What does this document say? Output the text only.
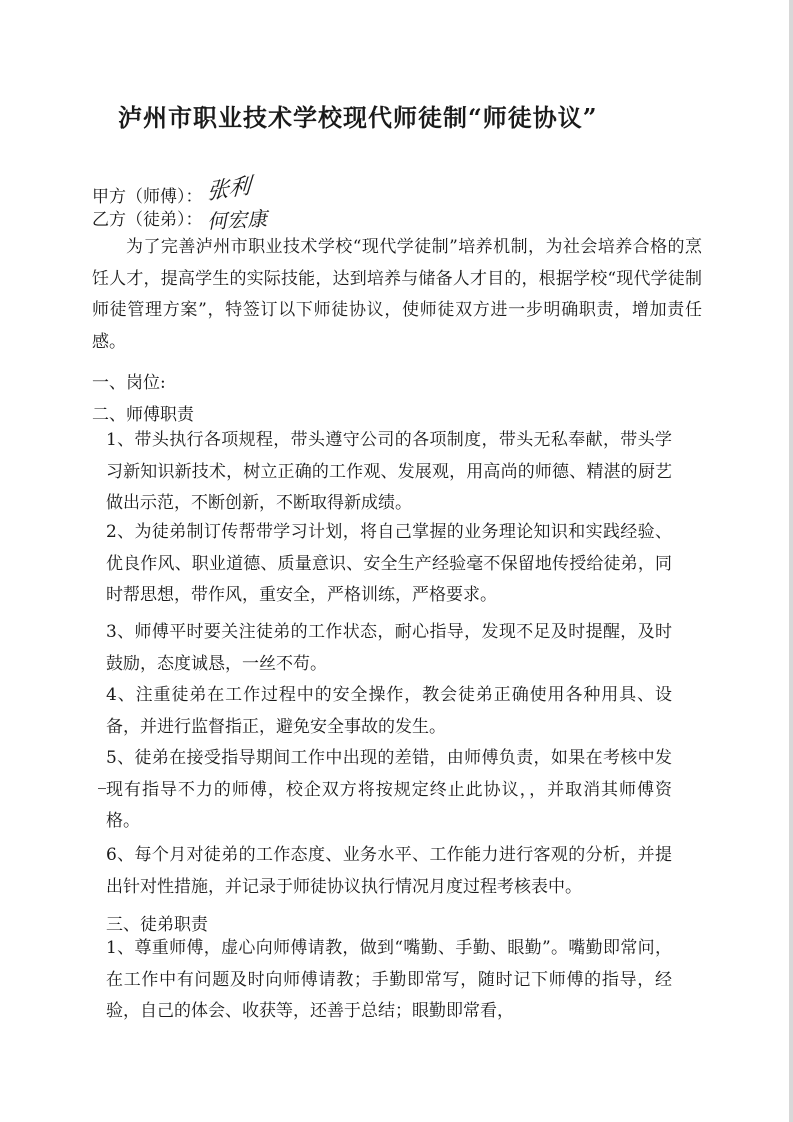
泸州市职业技术学校现代师徒制“师徒协议”
甲方（师傅）： 张利
乙方（徒弟）： 何宏康

为了完善泸州市职业技术学校“现代学徒制”培养机制，为社会培养合格的烹饪人才，提高学生的实际技能，达到培养与储备人才目的，根据学校“现代学徒制师徒管理方案”，特签订以下师徒协议，使师徒双方进一步明确职责，增加责任感。

一、岗位:

二、师傅职责

1、带头执行各项规程，带头遵守公司的各项制度，带头无私奉献，带头学习新知识新技术，树立正确的工作观、发展观，用高尚的师德、精湛的厨艺做出示范，不断创新，不断取得新成绩。

2、为徒弟制订传帮带学习计划，将自己掌握的业务理论知识和实践经验、优良作风、职业道德、质量意识、安全生产经验毫不保留地传授给徒弟，同时帮思想，带作风，重安全，严格训练，严格要求。

3、师傅平时要关注徒弟的工作状态，耐心指导，发现不足及时提醒，及时鼓励，态度诚恳，一丝不苟。

4、注重徒弟在工作过程中的安全操作，教会徒弟正确使用各种用具、设备，并进行监督指正，避免安全事故的发生。

5、徒弟在接受指导期间工作中出现的差错，由师傅负责，如果在考核中发现有指导不力的师傅，校企双方将按规定终止此协议，，并取消其师傅资格。

6、每个月对徒弟的工作态度、业务水平、工作能力进行客观的分析，并提出针对性措施，并记录于师徒协议执行情况月度过程考核表中。

三、徒弟职责

1、尊重师傅，虚心向师傅请教，做到“嘴勤、手勤、眼勤”。嘴勤即常问，在工作中有问题及时向师傅请教；手勤即常写，随时记下师傅的指导，经验，自己的体会、收获等，还善于总结；眼勤即常看，
